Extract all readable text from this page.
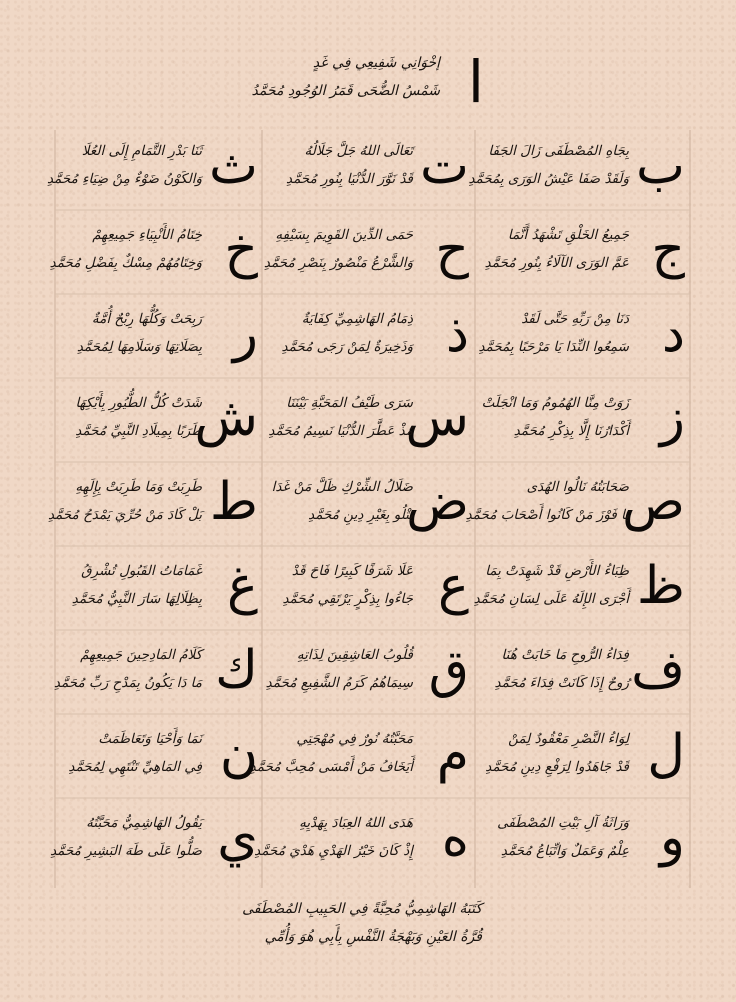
ا
إخْوَانِي شَفِيعِي فِي غَدٍ
شَمْسُ الضُّحَى قَمَرُ الوُجُودِ مُحَمَّدُ
ب
بِجَاهِ المُصْطَفَى زَالَ الجَفَا
وَلَقَدْ صَفَا عَيْشُ الوَرَى بِمُحَمَّدِ
ج
جَمِيعُ الخَلْقِ تَشْهَدُ أَنَّمَا
عَمَّ الوَرَى الآلَاءُ بِنُورِ مُحَمَّدِ
د
دَنَا مِنْ رَبِّهِ حَتَّى لَقَدْ
سَمِعُوا النِّدَا يَا مَرْحَبًا بِمُحَمَّدِ
ز
زَوَتْ مِنَّا الهُمُومُ وَمَا انْجَلَتْ
أَكْدَارُنَا إِلَّا بِذِكْرِ مُحَمَّدِ
ص
صَحَابَتُهُ نَالُوا الهُدَى
يَا فَوْزَ مَنْ كَانُوا أَصْحَابَ مُحَمَّدِ
ظ
ظِبَاءُ الأَرْضِ قَدْ شَهِدَتْ بِمَا
أَجْرَى الإِلَهُ عَلَى لِسَانِ مُحَمَّدِ
ف
فِدَاءُ الرُّوحِ مَا خَابَتْ هُنَا
رُوحٌ إِذَا كَانَتْ فِدَاءَ مُحَمَّدِ
ل
لِوَاءُ النَّصْرِ مَعْقُودٌ لِمَنْ
قَدْ جَاهَدُوا لِرَفْعِ دِينِ مُحَمَّدِ
و
وَرَاثَةُ آلِ بَيْتِ المُصْطَفَى
عِلْمٌ وَعَمَلٌ وَاتِّبَاعُ مُحَمَّدِ
ت
تَعَالَى اللهُ جَلَّ جَلَالُهُ
قَدْ نَوَّرَ الدُّنْيَا بِنُورِ مُحَمَّدِ
ح
حَمَى الدِّينَ القَوِيمَ بِسَيْفِهِ
وَالشَّرْعُ مَنْصُورٌ بِنَصْرِ مُحَمَّدِ
ذ
ذِمَامُ الهَاشِمِيِّ كِفَايَةٌ
وَذَخِيرَةٌ لِمَنْ رَجَى مُحَمَّدِ
س
سَرَى طَيْفُ المَحَبَّةِ بَيْنَنَا
مُذْ عَطَّرَ الدُّنْيَا نَسِيمُ مُحَمَّدِ
ض
ضَلَالُ الشِّرْكِ ظَلَّ مَنْ غَدَا
يَتْلُو بِغَيْرِ دِينِ مُحَمَّدِ
ع
عَلَا شَرَفًا كَبِيرًا فَاحَ قَدْ
جَاءُوا بِذِكْرٍ يَرْتَقِي مُحَمَّدِ
ق
قُلُوبُ العَاشِقِينَ لِذَاتِهِ
سِيمَاهُمُ كَرَمُ الشَّفِيعِ مُحَمَّدِ
م
مَحَبَّتُهُ نُورٌ فِي مُهْجَتِي
أَيَخَافُ مَنْ أَمْسَى مُحِبَّ مُحَمَّدِ
ه
هَدَى اللهُ العِبَادَ بِهَدْيِهِ
إِذْ كَانَ خَيْرُ الهَدْيِ هَدْيَ مُحَمَّدِ
ث
ثَنَا بَدْرِ التَّمَامِ إِلَى العُلَا
وَالكَوْنُ ضَوْءٌ مِنْ ضِيَاءِ مُحَمَّدِ
خ
خِتَامُ الأَنْبِيَاءِ جَمِيعِهِمْ
وَخِتَامُهُمْ مِسْكٌ بِفَضْلِ مُحَمَّدِ
ر
رَبِحَتْ وَكُلُّهَا رِبْحٌ أُمَّةٌ
بِصَلَاتِهَا وَسَلَامِهَا لِمُحَمَّدِ
ش
شَدَتْ كُلُّ الطُّيُورِ بِأَيْكِهَا
طَرَبًا بِمِيلَادِ النَّبِيِّ مُحَمَّدِ
ط
طَرِبَتْ وَمَا طَرِبَتْ بِإِلَهِهِ
بَلْ كَادَ مَنْ حُرِّيَ يَمْدَحُ مُحَمَّدِ
غ
غَمَامَاتُ القَبُولِ تُشْرِقُ
بِظِلَالِهَا سَارَ النَّبِيُّ مُحَمَّدِ
ك
كَلَامُ المَادِحِينَ جَمِيعِهِمْ
مَا دَا يَكُونُ بِمَدْحِ رَبِّ مُحَمَّدِ
ن
نَمَا وَأَحْيَا وَتَعَاظَمَتْ
فِي المَاهِيِّ تَنْتَهِي لِمُحَمَّدِ
ي
يَقُولُ الهَاشِمِيُّ مَحَبَّتُهُ
صَلُّوا عَلَى طَهَ البَشِيرِ مُحَمَّدِ
كَتَبَهُ الهَاشِمِيُّ مُحِبَّةً فِي الحَبِيبِ المُصْطَفَى
قُرَّةُ العَيْنِ وَبَهْجَةُ النَّفْسِ بِأَبِي هُوَ وَأُمِّي
